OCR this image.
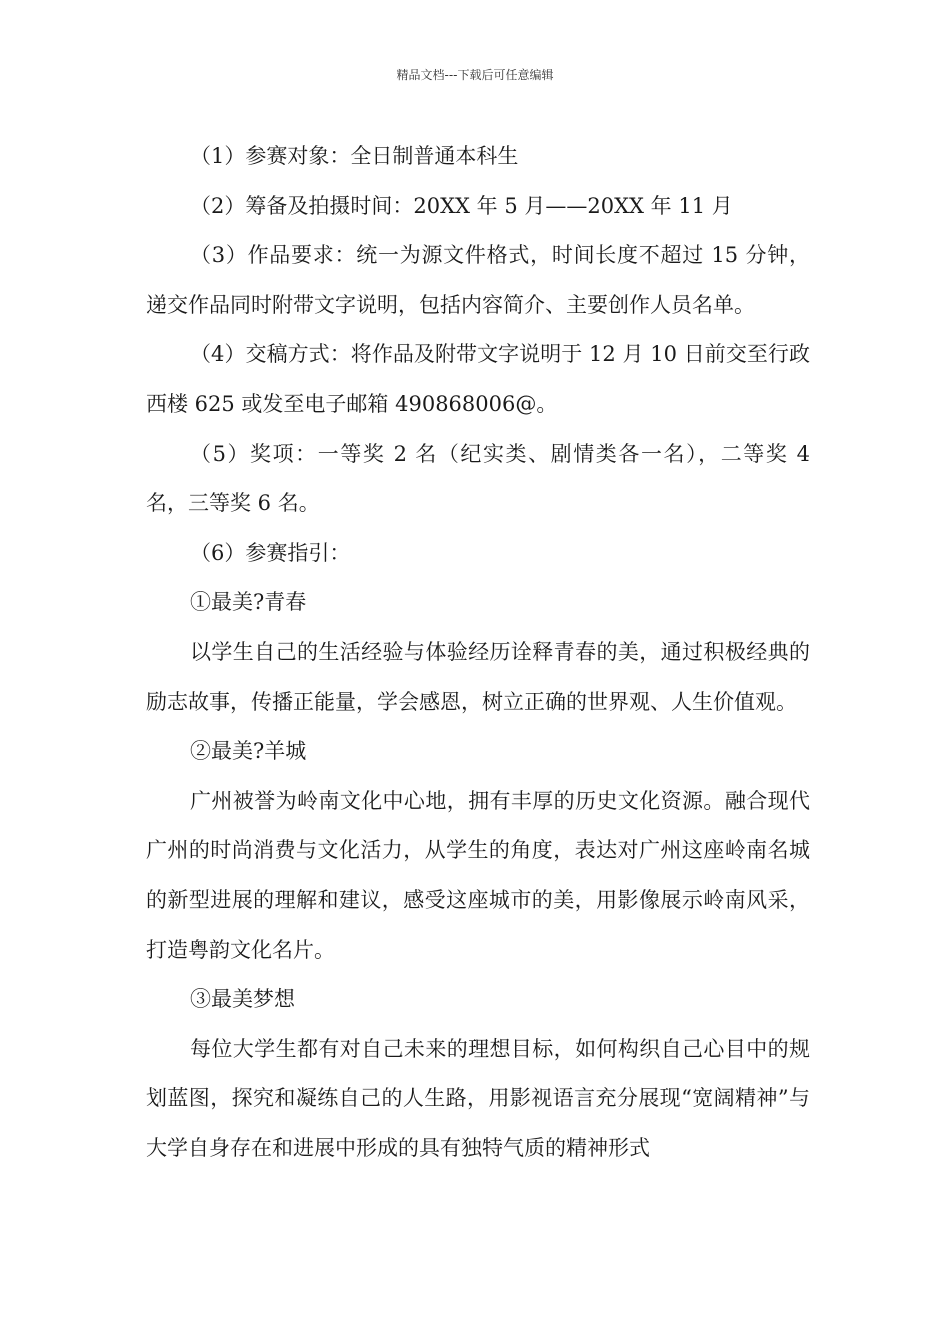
精品文档---下载后可任意编辑

（1）参赛对象：全日制普通本科生

（2）筹备及拍摄时间：20XX 年 5 月——20XX 年 11 月

（3）作品要求：统一为源文件格式，时间长度不超过 15 分钟，递交作品同时附带文字说明，包括内容简介、主要创作人员名单。

（4）交稿方式：将作品及附带文字说明于 12 月 10 日前交至行政西楼 625 或发至电子邮箱 490868006@。

（5）奖项：一等奖 2 名（纪实类、剧情类各一名），二等奖 4 名，三等奖 6 名。

（6）参赛指引：

①最美?青春

以学生自己的生活经验与体验经历诠释青春的美，通过积极经典的励志故事，传播正能量，学会感恩，树立正确的世界观、人生价值观。

②最美?羊城

广州被誉为岭南文化中心地，拥有丰厚的历史文化资源。融合现代广州的时尚消费与文化活力，从学生的角度，表达对广州这座岭南名城的新型进展的理解和建议，感受这座城市的美，用影像展示岭南风采，打造粤韵文化名片。

③最美梦想

每位大学生都有对自己未来的理想目标，如何构织自己心目中的规划蓝图，探究和凝练自己的人生路，用影视语言充分展现“宽阔精神”与大学自身存在和进展中形成的具有独特气质的精神形式
